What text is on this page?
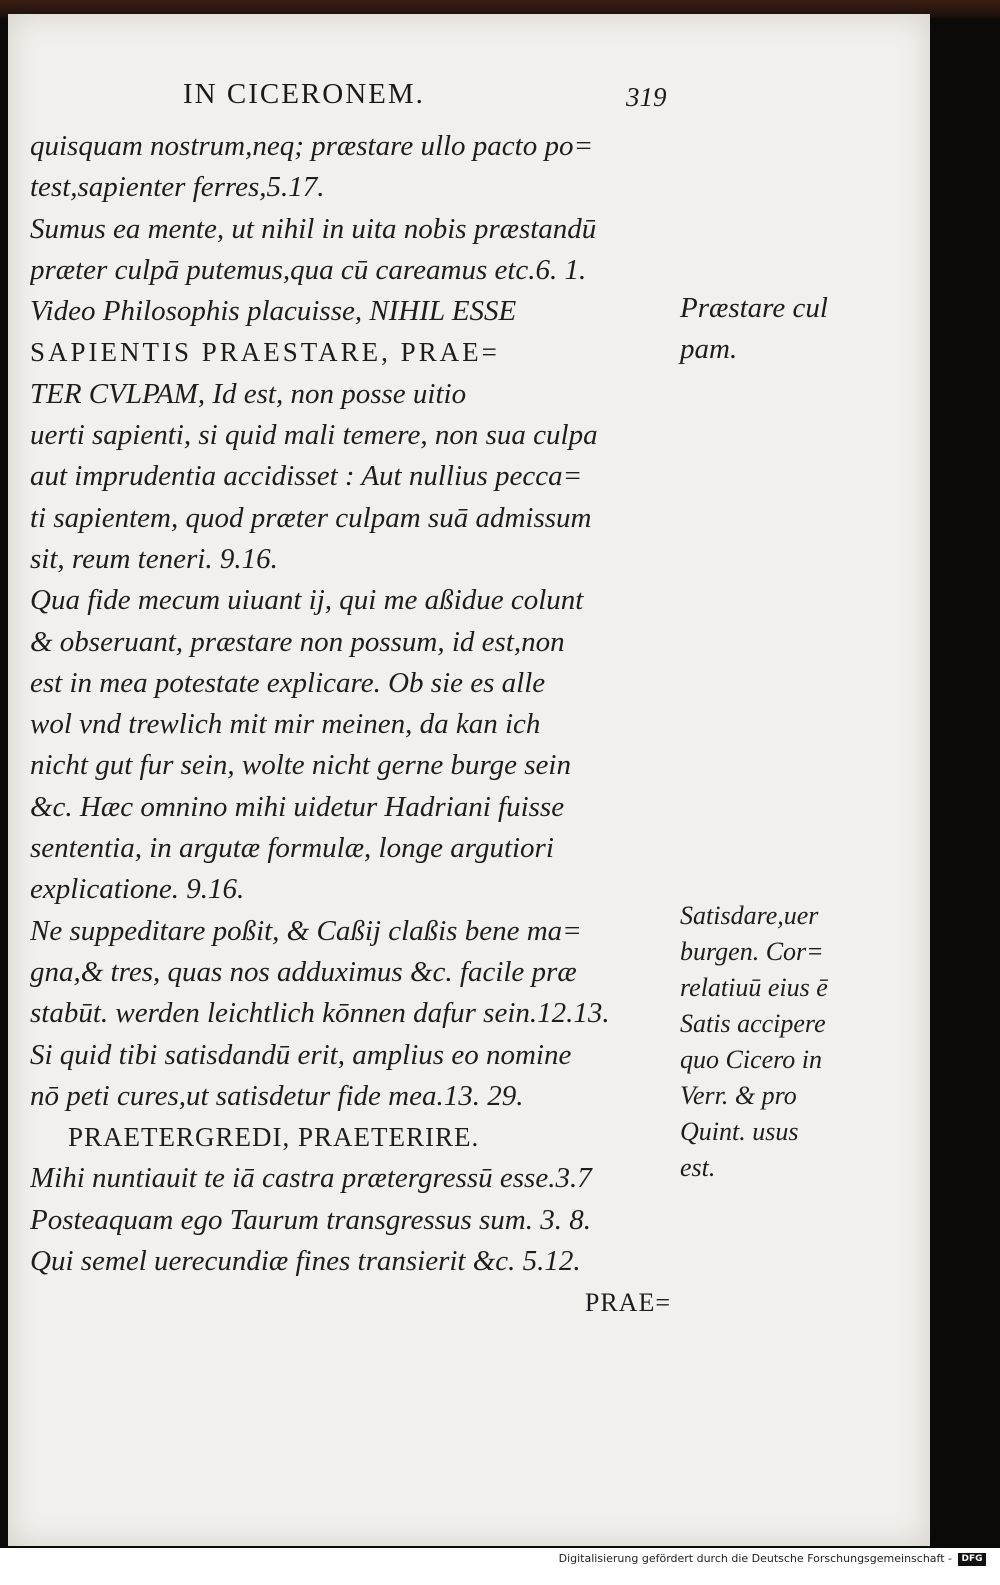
IN CICERONEM.	319
quisquam nostrum,neq; præstare ullo pacto po=
test,sapienter ferres,5.17.
Sumus ea mente, ut nihil in uita nobis præstandū
præter culpā putemus,qua cū careamus etc.6. 1.
Video Philosophis placuisse, NIHIL ESSE
SAPIENTIS PRAESTARE, PRAE=
TER CVLPAM, Id est, non posse uitio
uerti sapienti, si quid mali temere, non sua culpa
aut imprudentia accidisset : Aut nullius pecca=
ti sapientem, quod præter culpam suā admissum
sit, reum teneri. 9.16.
Qua fide mecum uiuant ij, qui me aßidue colunt
& obseruant, præstare non possum, id est,non
est in mea potestate explicare. Ob sie es alle
wol vnd trewlich mit mir meinen, da kan ich
nicht gut fur sein, wolte nicht gerne burge sein
&c. Hæc omnino mihi uidetur Hadriani fuisse
sententia, in argutæ formulæ, longe argutiori
explicatione. 9.16.
Ne suppeditare poßit, & Caßij claßis bene ma=
gna,& tres, quas nos adduximus &c. facile præ
stabūt. werden leichtlich kōnnen dafur sein.12.13.
Si quid tibi satisdandū erit, amplius eo nomine
nō peti cures,ut satisdetur fide mea.13. 29.
PRAETERGREDI, PRAETERIRE.
Mihi nuntiauit te iā castra prætergressū esse.3.7
Posteaquam ego Taurum transgressus sum. 3. 8.
Qui semel uerecundiæ fines transierit &c. 5.12.
PRAE=
Præstare cul
pam.
Satisdare,uer
burgen. Cor=
relatiuū eius ē
Satis accipere
quo Cicero in
Verr. & pro
Quint. usus
est.
Digitalisierung gefördert durch die Deutsche Forschungsgemeinschaft -	DFG
